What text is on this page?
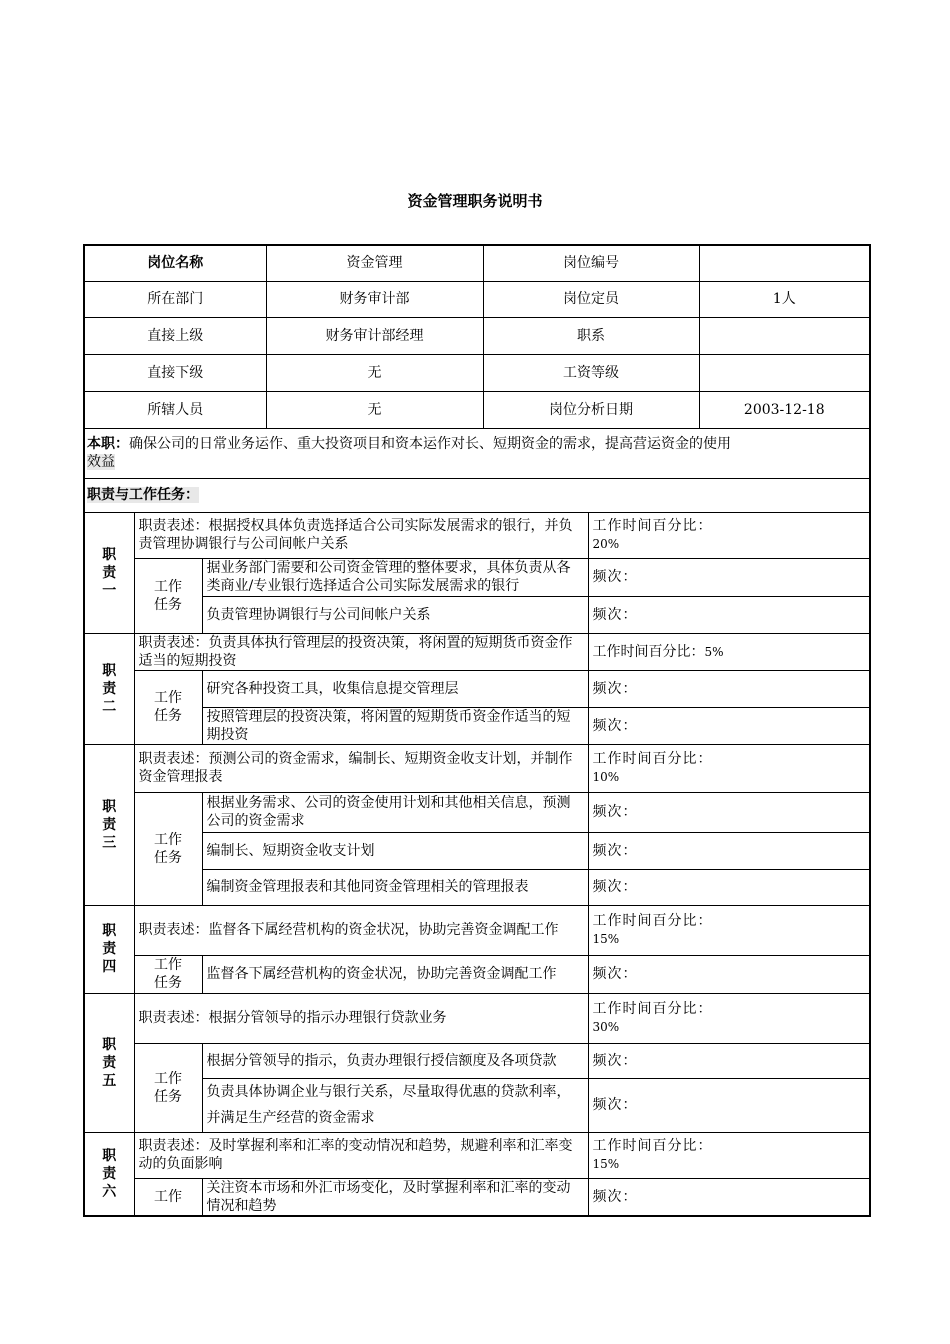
资金管理职务说明书
岗位名称			资金管理	岗位编号		
所在部门			财务审计部	岗位定员		1人
直接上级			财务审计部经理	职系		
直接下级			无	工资等级		
所辖人员			无	岗位分析日期		2003-12-18
本职：确保公司的日常业务运作、重大投资项目和资本运作对长、短期资金的需求，提高营运资金的使用
效益						
职责与工作任务：						
职责一	职责表述：根据授权具体负责选择适合公司实际发展需求的银行，并负责管理协调银行与公司间帐户关系				工作时间百分比：
20%	
	工作任务	据业务部门需要和公司资金管理的整体要求，具体负责从各类商业/专业银行选择适合公司实际发展需求的银行			频次：	
		负责管理协调银行与公司间帐户关系			频次：	
职责二	职责表述：负责具体执行管理层的投资决策，将闲置的短期货币资金作适当的短期投资				工作时间百分比：5%	
	工作任务	研究各种投资工具，收集信息提交管理层			频次：	
		按照管理层的投资决策，将闲置的短期货币资金作适当的短期投资			频次：	
职责三	职责表述：预测公司的资金需求，编制长、短期资金收支计划，并制作资金管理报表				工作时间百分比：
10%	
	工作任务	根据业务需求、公司的资金使用计划和其他相关信息，预测公司的资金需求			频次：	
		编制长、短期资金收支计划			频次：	
		编制资金管理报表和其他同资金管理相关的管理报表			频次：	
职责四	职责表述：监督各下属经营机构的资金状况，协助完善资金调配工作				工作时间百分比：
15%	
	工作任务	监督各下属经营机构的资金状况，协助完善资金调配工作			频次：	
职责五	职责表述：根据分管领导的指示办理银行贷款业务				工作时间百分比：
30%	
	工作任务	根据分管领导的指示，负责办理银行授信额度及各项贷款			频次：	
		负责具体协调企业与银行关系，尽量取得优惠的贷款利率，并满足生产经营的资金需求			频次：	
职责六	职责表述：及时掌握利率和汇率的变动情况和趋势，规避利率和汇率变动的负面影响				工作时间百分比：
15%	
	工作	关注资本市场和外汇市场变化，及时掌握利率和汇率的变动情况和趋势			频次：	
